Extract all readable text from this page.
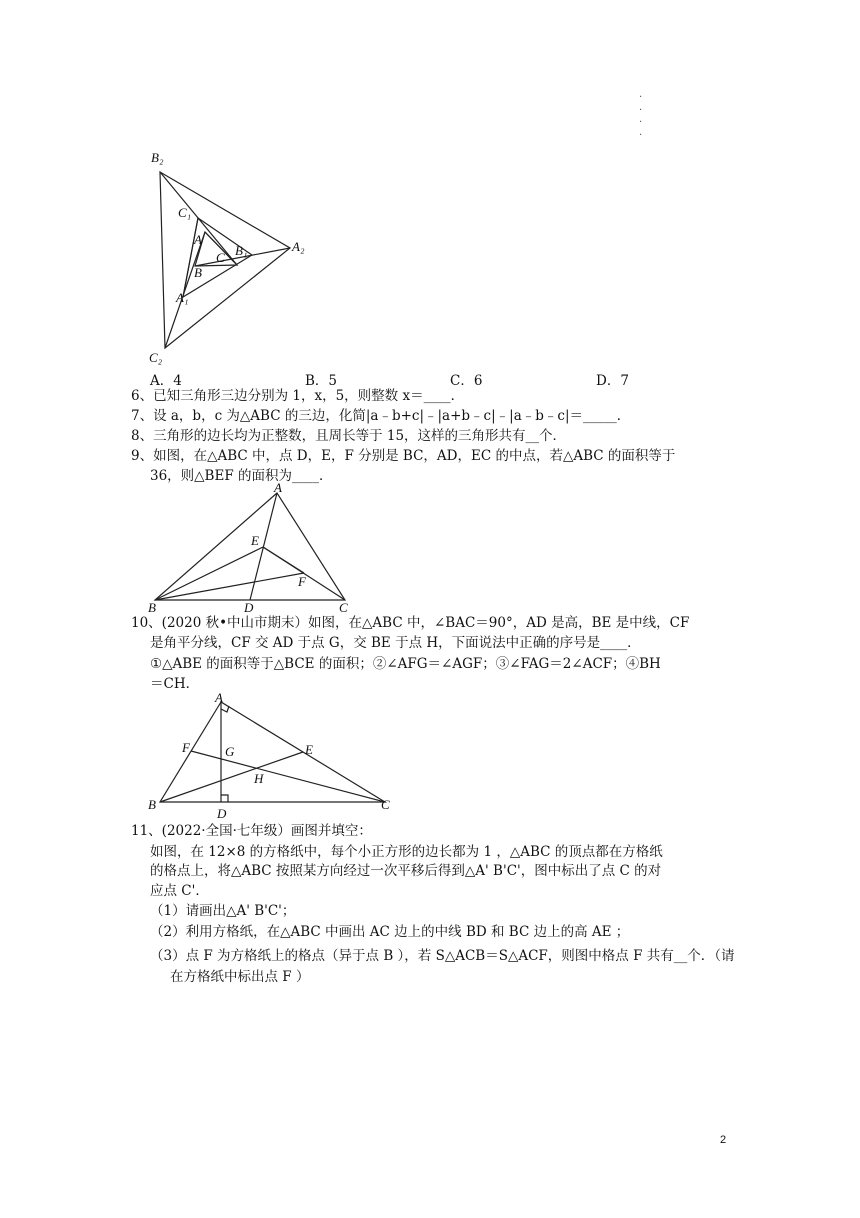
·
·
·
·
B₂
C₁
A
B₁	A₂
C
B
A₁
C₂
A．4	B．5	C．6	D．7
6、已知三角形三边分别为 1，x，5，则整数 x＝____．
7、设 a，b，c 为△ABC 的三边，化简|a﹣b+c|﹣|a+b﹣c|﹣|a﹣b﹣c|＝_____．
8、三角形的边长均为正整数，且周长等于 15，这样的三角形共有__个．
9、如图，在△ABC 中，点 D，E，F 分别是 BC，AD，EC 的中点，若△ABC 的面积等于
36，则△BEF 的面积为____．
A
E
F
B	D	C
10、(2020 秋•中山市期末）如图，在△ABC 中，∠BAC＝90°，AD 是高，BE 是中线，CF
是角平分线，CF 交 AD 于点 G，交 BE 于点 H，下面说法中正确的序号是____．
①△ABE 的面积等于△BCE 的面积；②∠AFG＝∠AGF；③∠FAG＝2∠ACF；④BH
＝CH．
A
F	G	E
H
B
D
C
11、(2022·全国·七年级）画图并填空：
如图，在 12×8 的方格纸中，每个小正方形的边长都为 1 ，△ABC 的顶点都在方格纸
的格点上，将△ABC 按照某方向经过一次平移后得到△A' B'C'，图中标出了点 C 的对
应点 C'．
（1）请画出△A' B'C'；
（2）利用方格纸，在△ABC 中画出 AC 边上的中线 BD 和 BC 边上的高 AE ；
（3）点 F 为方格纸上的格点（异于点 B ），若 S△ACB＝S△ACF，则图中格点 F 共有__个．（请
在方格纸中标出点 F ）
2
